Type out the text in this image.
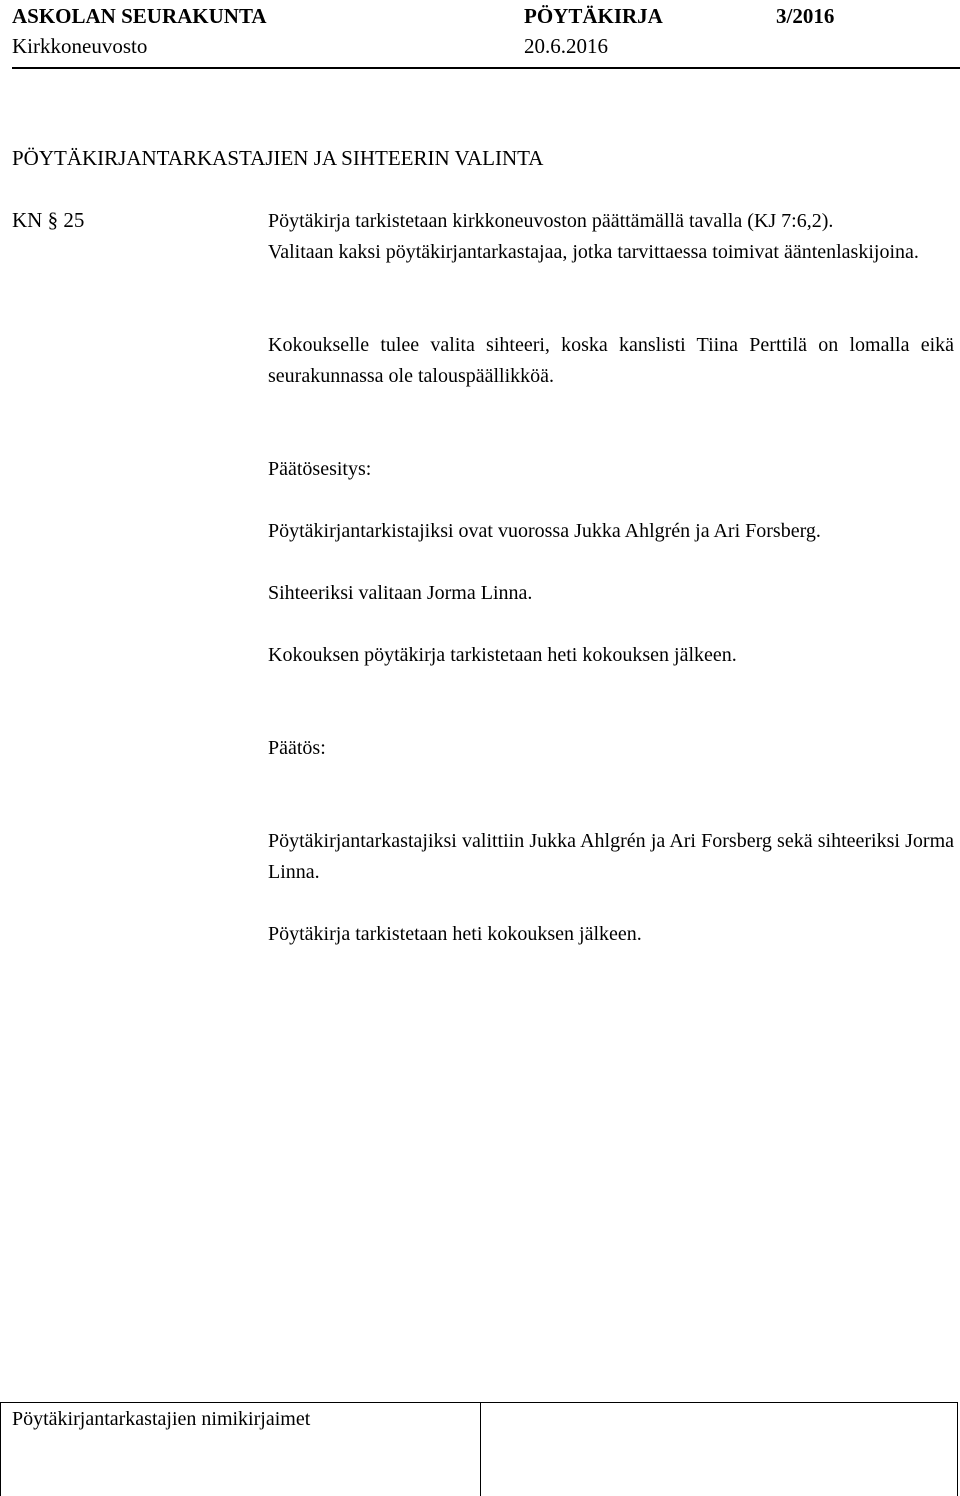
ASKOLAN SEURAKUNTA	PÖYTÄKIRJA	3/2016
Kirkkoneuvosto	20.6.2016
PÖYTÄKIRJANTARKASTAJIEN JA SIHTEERIN VALINTA
KN § 25	Pöytäkirja tarkistetaan kirkkoneuvoston päättämällä tavalla (KJ 7:6,2).
Valitaan kaksi pöytäkirjantarkastajaa, jotka tarvittaessa toimivat ääntenlaskijoina.
Kokoukselle tulee valita sihteeri, koska kanslisti Tiina Perttilä on lomalla eikä seurakunnassa ole talouspäällikköä.
Päätösesitys:
Pöytäkirjantarkistajiksi ovat vuorossa Jukka Ahlgrén ja Ari Forsberg.
Sihteeriksi valitaan Jorma Linna.
Kokouksen pöytäkirja tarkistetaan heti kokouksen jälkeen.
Päätös:
Pöytäkirjantarkastajiksi valittiin Jukka Ahlgrén ja Ari Forsberg sekä sihteeriksi Jorma Linna.
Pöytäkirja tarkistetaan heti kokouksen jälkeen.
Pöytäkirjantarkastajien nimikirjaimet
